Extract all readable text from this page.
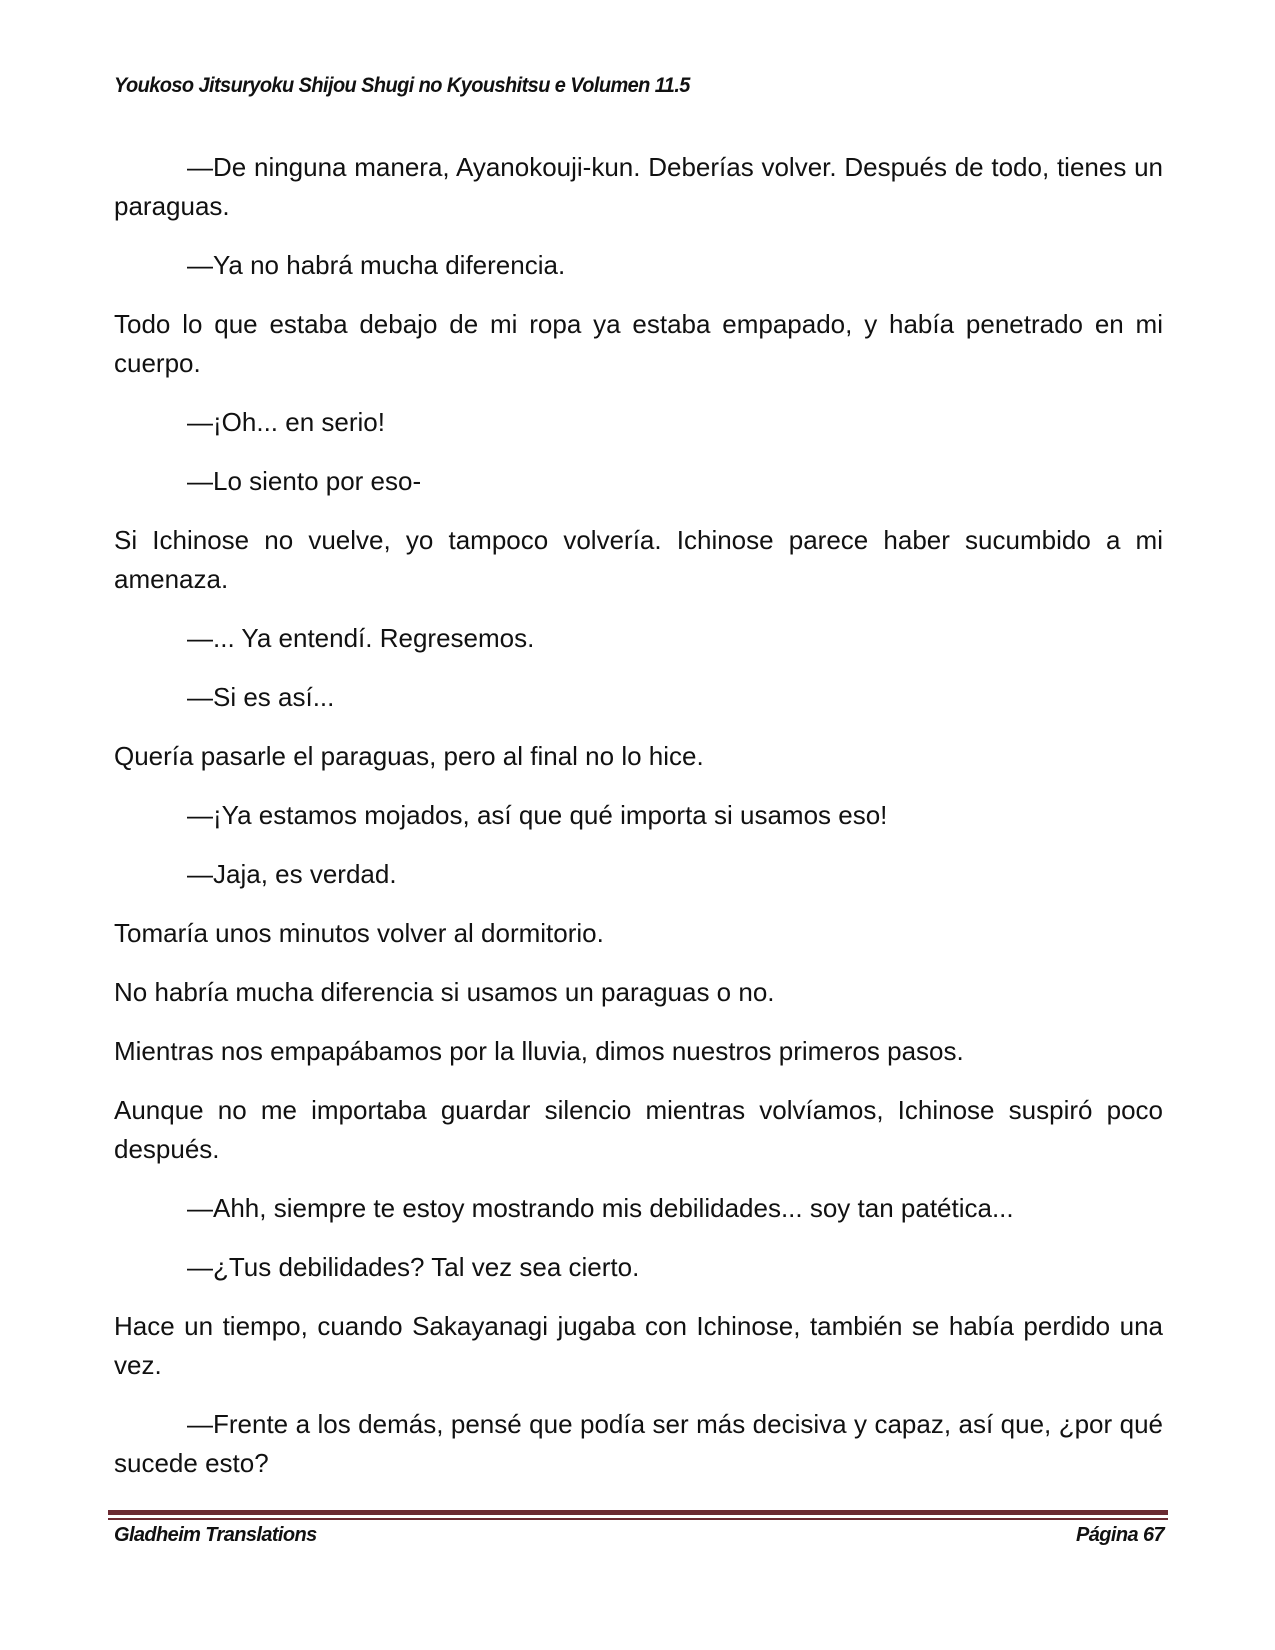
Youkoso Jitsuryoku Shijou Shugi no Kyoushitsu e Volumen 11.5

—De ninguna manera, Ayanokouji-kun. Deberías volver. Después de todo, tienes un paraguas.

—Ya no habrá mucha diferencia.

Todo lo que estaba debajo de mi ropa ya estaba empapado, y había penetrado en mi cuerpo.

—¡Oh... en serio!

—Lo siento por eso-

Si Ichinose no vuelve, yo tampoco volvería. Ichinose parece haber sucumbido a mi amenaza.

—... Ya entendí. Regresemos.

—Si es así...

Quería pasarle el paraguas, pero al final no lo hice.

—¡Ya estamos mojados, así que qué importa si usamos eso!

—Jaja, es verdad.

Tomaría unos minutos volver al dormitorio.

No habría mucha diferencia si usamos un paraguas o no.

Mientras nos empapábamos por la lluvia, dimos nuestros primeros pasos.

Aunque no me importaba guardar silencio mientras volvíamos, Ichinose suspiró poco después.

—Ahh, siempre te estoy mostrando mis debilidades... soy tan patética...

—¿Tus debilidades? Tal vez sea cierto.

Hace un tiempo, cuando Sakayanagi jugaba con Ichinose, también se había perdido una vez.

—Frente a los demás, pensé que podía ser más decisiva y capaz, así que, ¿por qué sucede esto?

Gladheim Translations	Página 67
